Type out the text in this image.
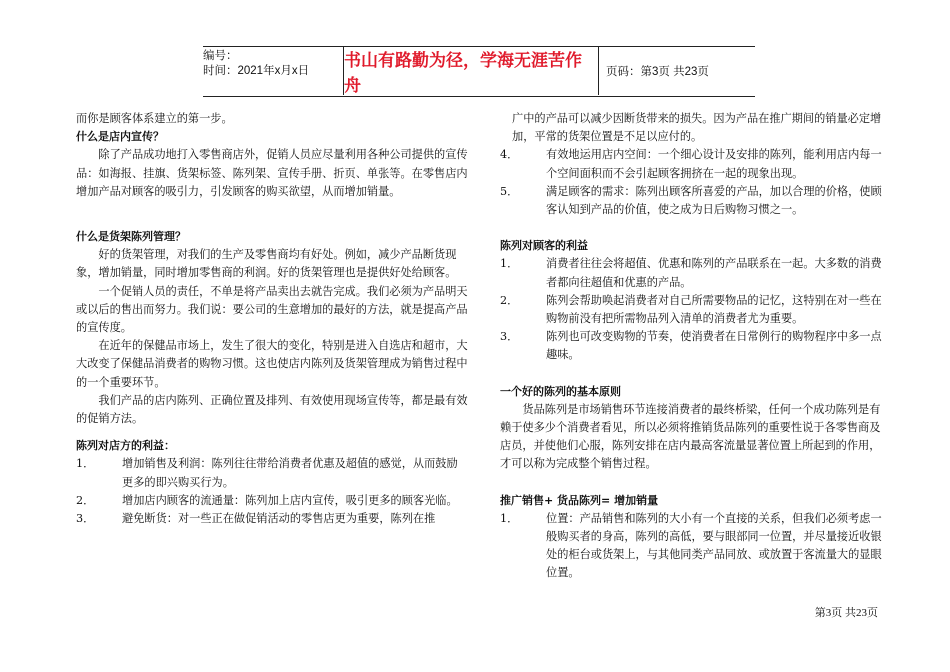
编号：
时间：2021年x月x日	书山有路勤为径，学海无涯苦作舟
页码：第3页 共23页

而你是顾客体系建立的第一步。

什么是店内宣传？

除了产品成功地打入零售商店外，促销人员应尽量利用各种公司提供的宣传品：如海报、挂旗、货架标签、陈列架、宣传手册、折页、单张等。在零售店内增加产品对顾客的吸引力，引发顾客的购买欲望，从而增加销量。

什么是货架陈列管理？

好的货架管理，对我们的生产及零售商均有好处。例如，减少产品断货现象，增加销量，同时增加零售商的利润。好的货架管理也是提供好处给顾客。

一个促销人员的责任，不单是将产品卖出去就告完成。我们必须为产品明天或以后的售出而努力。我们说：要公司的生意增加的最好的方法，就是提高产品的宣传度。

在近年的保健品市场上，发生了很大的变化，特别是进入自选店和超市，大大改变了保健品消费者的购物习惯。这也使店内陈列及货架管理成为销售过程中的一个重要环节。

我们产品的店内陈列、正确位置及排列、有效使用现场宣传等，都是最有效的促销方法。

陈列对店方的利益：

1．	增加销售及利润：陈列往往带给消费者优惠及超值的感觉，从而鼓励更多的即兴购买行为。
2．	增加店内顾客的流通量：陈列加上店内宣传，吸引更多的顾客光临。
3．	避免断货：对一些正在做促销活动的零售店更为重要，陈列在推

广中的产品可以减少因断货带来的损失。因为产品在推广期间的销量必定增加，平常的货架位置是不足以应付的。

4．	有效地运用店内空间：一个细心设计及安排的陈列，能利用店内每一个空间面积而不会引起顾客拥挤在一起的现象出现。
5．	满足顾客的需求：陈列出顾客所喜爱的产品，加以合理的价格，使顾客认知到产品的价值，使之成为日后购物习惯之一。

陈列对顾客的利益

1．	消费者往往会将超值、优惠和陈列的产品联系在一起。大多数的消费者都向往超值和优惠的产品。
2．	陈列会帮助唤起消费者对自己所需要物品的记忆，这特别在对一些在购物前没有把所需物品列入清单的消费者尤为重要。
3．	陈列也可改变购物的节奏，使消费者在日常例行的购物程序中多一点趣味。

一个好的陈列的基本原则

货品陈列是市场销售环节连接消费者的最终桥梁，任何一个成功陈列是有赖于使多少个消费者看见，所以必须将推销货品陈列的重要性说于各零售商及店员，并使他们心服，陈列安排在店内最高客流量显著位置上所起到的作用，才可以称为完成整个销售过程。

推广销售+ 货品陈列= 增加销量

1．	位置：产品销售和陈列的大小有一个直接的关系，但我们必须考虑一般购买者的身高，陈列的高低，要与眼部同一位置，并尽量接近收银处的柜台或货架上，与其他同类产品同放、或放置于客流量大的显眼位置。
第3页 共23页
